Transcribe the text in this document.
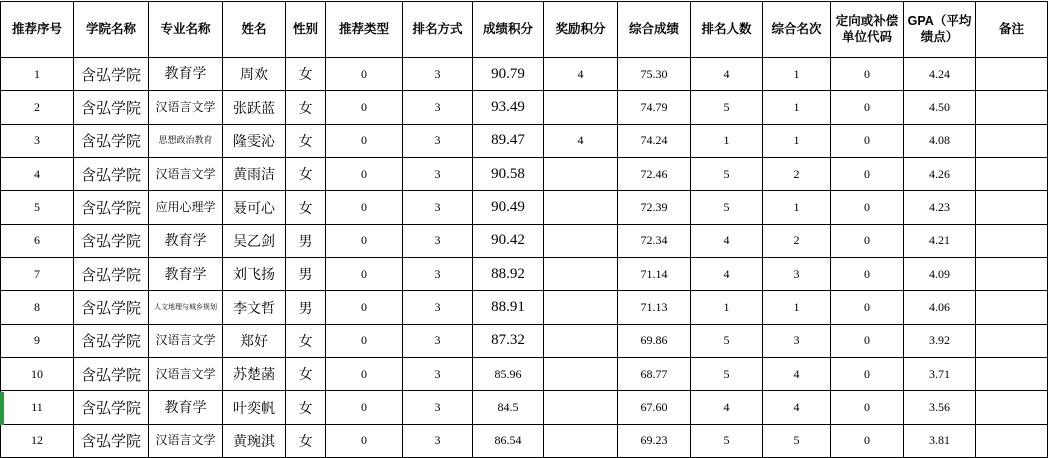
推荐序号	学院名称	专业名称	姓名	性别	推荐类型	排名方式	成绩积分	奖励积分	综合成绩	排名人数	综合名次	定向或补偿单位代码	GPA（平均绩点）	备注
1	含弘学院	教育学	周欢	女	0	3	90.79	4	75.30	4	1	0	4.24	
2	含弘学院	汉语言文学	张跃蓝	女	0	3	93.49		74.79	5	1	0	4.50	
3	含弘学院	思想政治教育	隆雯沁	女	0	3	89.47	4	74.24	1	1	0	4.08	
4	含弘学院	汉语言文学	黄雨洁	女	0	3	90.58		72.46	5	2	0	4.26	
5	含弘学院	应用心理学	聂可心	女	0	3	90.49		72.39	5	1	0	4.23	
6	含弘学院	教育学	吴乙剑	男	0	3	90.42		72.34	4	2	0	4.21	
7	含弘学院	教育学	刘飞扬	男	0	3	88.92		71.14	4	3	0	4.09	
8	含弘学院	人文地理与城乡规划	李文哲	男	0	3	88.91		71.13	1	1	0	4.06	
9	含弘学院	汉语言文学	郑好	女	0	3	87.32		69.86	5	3	0	3.92	
10	含弘学院	汉语言文学	苏楚菡	女	0	3	85.96		68.77	5	4	0	3.71	
11	含弘学院	教育学	叶奕帆	女	0	3	84.5		67.60	4	4	0	3.56	
12	含弘学院	汉语言文学	黄琬淇	女	0	3	86.54		69.23	5	5	0	3.81	
